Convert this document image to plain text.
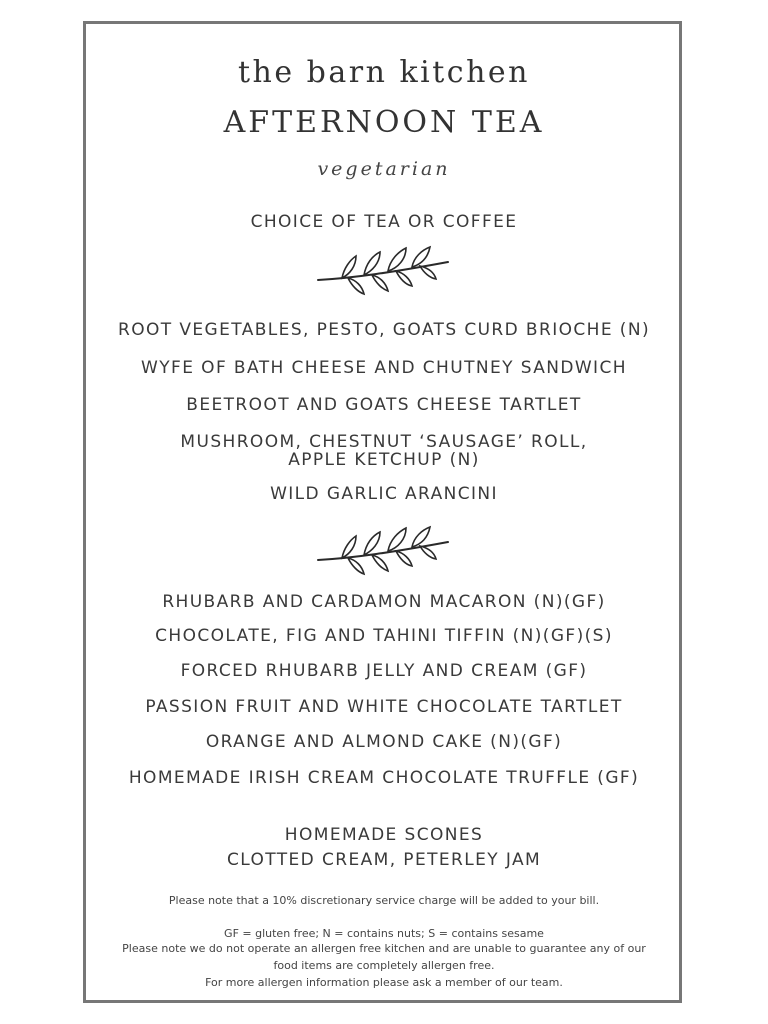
the barn kitchen
AFTERNOON TEA
vegetarian
CHOICE OF TEA OR COFFEE
ROOT VEGETABLES, PESTO, GOATS CURD BRIOCHE (N)
WYFE OF BATH CHEESE AND CHUTNEY SANDWICH
BEETROOT AND GOATS CHEESE TARTLET
MUSHROOM, CHESTNUT ‘SAUSAGE’ ROLL,
APPLE KETCHUP (N)
WILD GARLIC ARANCINI
RHUBARB AND CARDAMON MACARON (N)(GF)
CHOCOLATE, FIG AND TAHINI TIFFIN (N)(GF)(S)
FORCED RHUBARB JELLY AND CREAM (GF)
PASSION FRUIT AND WHITE CHOCOLATE TARTLET
ORANGE AND ALMOND CAKE (N)(GF)
HOMEMADE IRISH CREAM CHOCOLATE TRUFFLE (GF)
HOMEMADE SCONES
CLOTTED CREAM, PETERLEY JAM
Please note that a 10% discretionary service charge will be added to your bill.
GF = gluten free; N = contains nuts; S = contains sesame
Please note we do not operate an allergen free kitchen and are unable to guarantee any of our
food items are completely allergen free.
For more allergen information please ask a member of our team.
